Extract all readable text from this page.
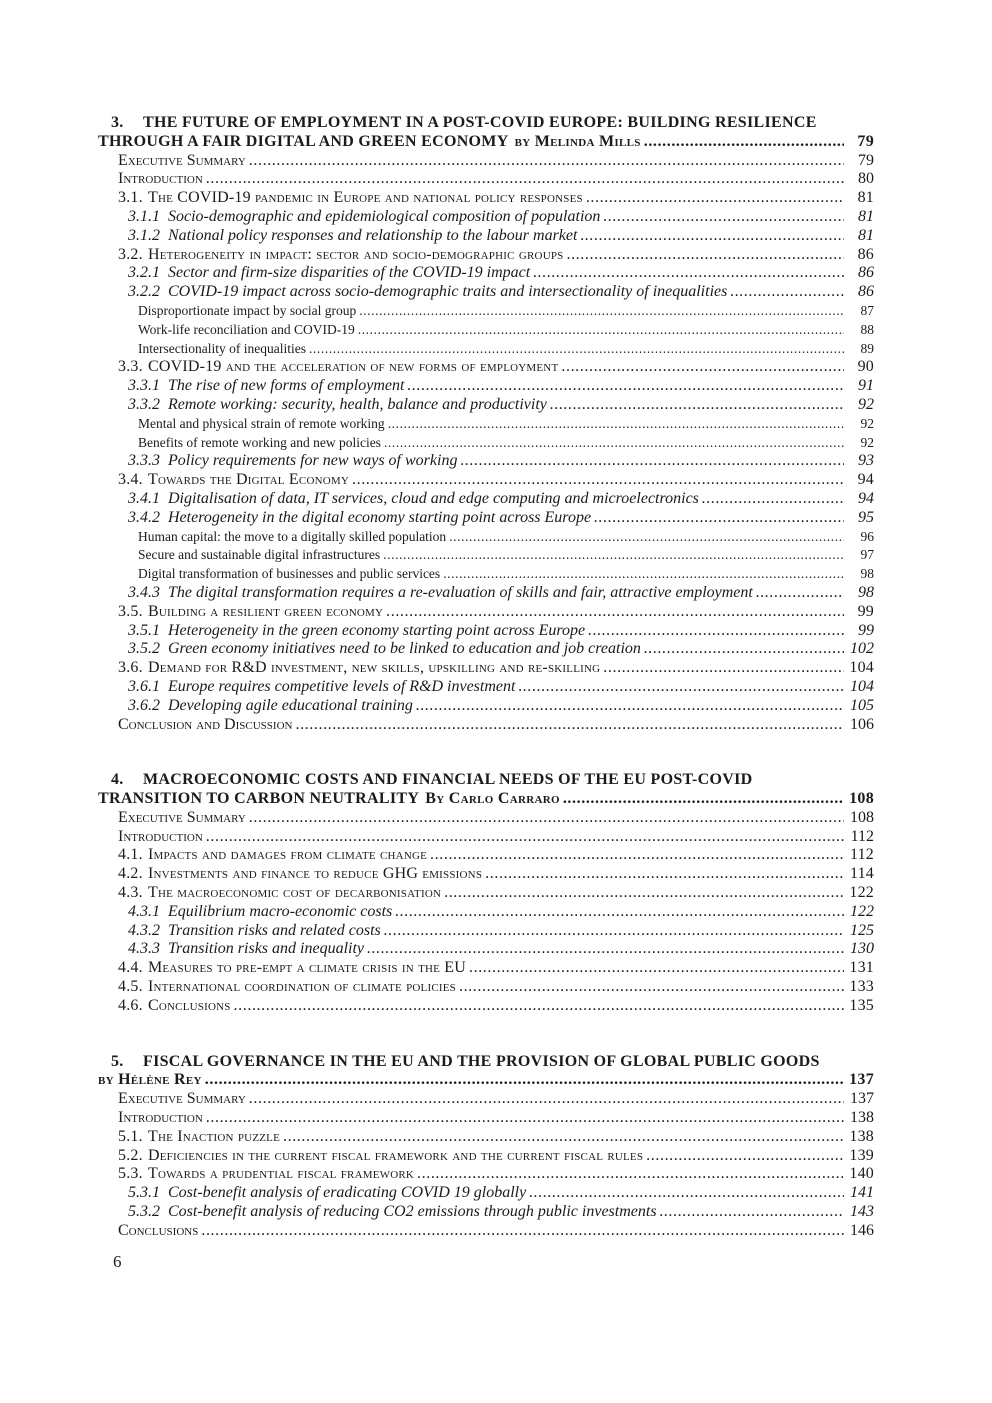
3.	THE FUTURE OF EMPLOYMENT IN A POST-COVID EUROPE: BUILDING RESILIENCE
THROUGH A FAIR DIGITAL AND GREEN ECONOMY by Melinda Mills .....	79
Executive Summary .....	79
Introduction .....	80
3.1. The COVID-19 pandemic in Europe and national policy responses .....	81
3.1.1 Socio-demographic and epidemiological composition of population .....	81
3.1.2 National policy responses and relationship to the labour market .....	81
3.2. Heterogeneity in impact: sector and socio-demographic groups .....	86
3.2.1 Sector and firm-size disparities of the COVID-19 impact .....	86
3.2.2 COVID-19 impact across socio-demographic traits and intersectionality of inequalities .....	86
Disproportionate impact by social group .....	87
Work-life reconciliation and COVID-19 .....	88
Intersectionality of inequalities .....	89
3.3. COVID-19 and the acceleration of new forms of employment .....	90
3.3.1 The rise of new forms of employment .....	91
3.3.2 Remote working: security, health, balance and productivity .....	92
Mental and physical strain of remote working .....	92
Benefits of remote working and new policies .....	92
3.3.3 Policy requirements for new ways of working .....	93
3.4. Towards the Digital Economy .....	94
3.4.1 Digitalisation of data, IT services, cloud and edge computing and microelectronics .....	94
3.4.2 Heterogeneity in the digital economy starting point across Europe .....	95
Human capital: the move to a digitally skilled population .....	96
Secure and sustainable digital infrastructures .....	97
Digital transformation of businesses and public services .....	98
3.4.3 The digital transformation requires a re-evaluation of skills and fair, attractive employment .....	98
3.5. Building a resilient green economy .....	99
3.5.1 Heterogeneity in the green economy starting point across Europe .....	99
3.5.2 Green economy initiatives need to be linked to education and job creation .....	102
3.6. Demand for R&D investment, new skills, upskilling and re-skilling .....	104
3.6.1 Europe requires competitive levels of R&D investment .....	104
3.6.2 Developing agile educational training .....	105
Conclusion and Discussion .....	106
4.	MACROECONOMIC COSTS AND FINANCIAL NEEDS OF THE EU POST-COVID
TRANSITION TO CARBON NEUTRALITY By Carlo Carraro .....	108
Executive Summary .....	108
Introduction .....	112
4.1. Impacts and damages from climate change .....	112
4.2. Investments and finance to reduce GHG emissions .....	114
4.3. The macroeconomic cost of decarbonisation .....	122
4.3.1 Equilibrium macro-economic costs .....	122
4.3.2 Transition risks and related costs .....	125
4.3.3 Transition risks and inequality .....	130
4.4. Measures to pre-empt a climate crisis in the EU .....	131
4.5. International coordination of climate policies .....	133
4.6. Conclusions .....	135
5.	FISCAL GOVERNANCE IN THE EU AND THE PROVISION OF GLOBAL PUBLIC GOODS
by Hélène Rey .....	137
Executive Summary .....	137
Introduction .....	138
5.1. The Inaction puzzle .....	138
5.2. Deficiencies in the current fiscal framework and the current fiscal rules .....	139
5.3. Towards a prudential fiscal framework .....	140
5.3.1 Cost-benefit analysis of eradicating COVID 19 globally .....	141
5.3.2 Cost-benefit analysis of reducing CO2 emissions through public investments .....	143
Conclusions .....	146
6
